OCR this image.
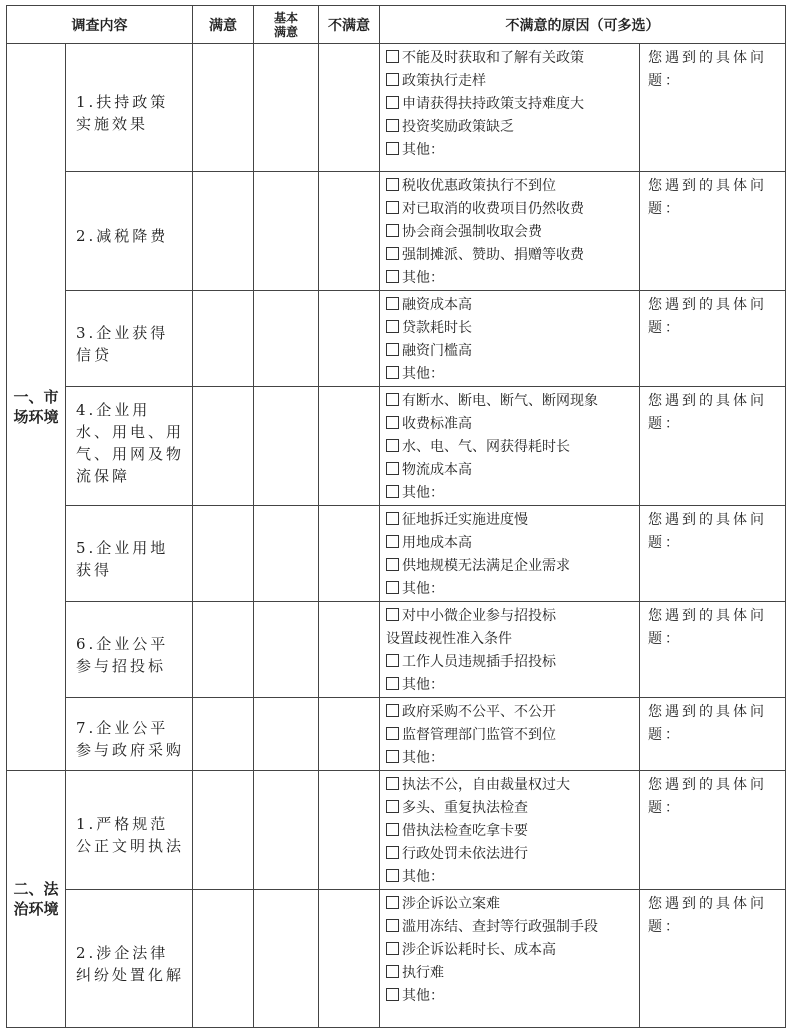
调查内容		满意	基本满意	不满意	不满意的原因（可多选）	
一、市场环境	1.扶持政策实施效果				不能及时获取和了解有关政策
政策执行走样
申请获得扶持政策支持难度大
投资奖励政策缺乏
其他：	您遇到的具体问题：
	2.减税降费				税收优惠政策执行不到位
对已取消的收费项目仍然收费
协会商会强制收取会费
强制摊派、赞助、捐赠等收费
其他：	您遇到的具体问题：
	3.企业获得信贷				融资成本高
贷款耗时长
融资门槛高
其他：	您遇到的具体问题：
	4.企业用水、用电、用气、用网及物流保障				有断水、断电、断气、断网现象
收费标准高
水、电、气、网获得耗时长
物流成本高
其他：	您遇到的具体问题：
	5.企业用地获得				征地拆迁实施进度慢
用地成本高
供地规模无法满足企业需求
其他：	您遇到的具体问题：
	6.企业公平参与招投标				对中小微企业参与招投标
设置歧视性准入条件
工作人员违规插手招投标
其他：	您遇到的具体问题：
	7.企业公平参与政府采购				政府采购不公平、不公开
监督管理部门监管不到位
其他：	您遇到的具体问题：
二、法治环境	1.严格规范公正文明执法				执法不公，自由裁量权过大
多头、重复执法检查
借执法检查吃拿卡要
行政处罚未依法进行
其他：	您遇到的具体问题：
	2.涉企法律纠纷处置化解				涉企诉讼立案难
滥用冻结、查封等行政强制手段
涉企诉讼耗时长、成本高
执行难
其他：	您遇到的具体问题：
